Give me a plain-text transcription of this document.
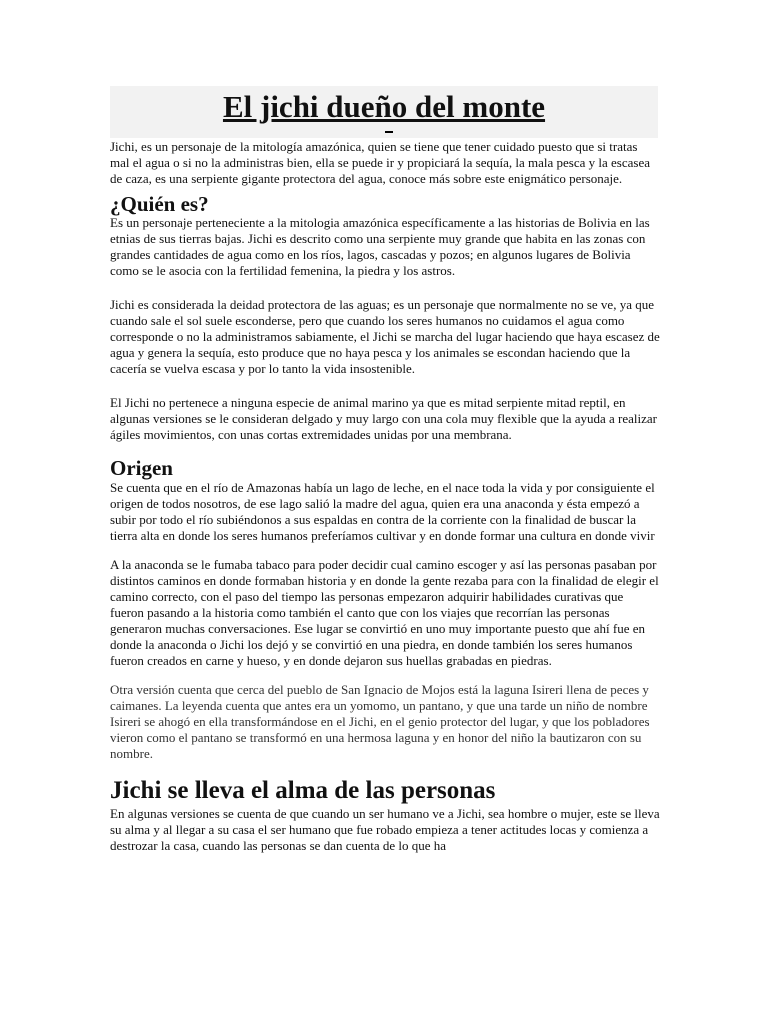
El jichi dueño del monte

Jichi, es un personaje de la mitología amazónica, quien se tiene que tener cuidado puesto que si tratas mal el agua o si no la administras bien, ella se puede ir y propiciará la sequía, la mala pesca y la escasea de caza, es una serpiente gigante protectora del agua, conoce más sobre este enigmático personaje.

¿Quién es?

Es un personaje perteneciente a la mitologia amazónica específicamente a las historias de Bolivia en las etnias de sus tierras bajas. Jichi es descrito como una serpiente muy grande que habita en las zonas con grandes cantidades de agua como en los ríos, lagos, cascadas y pozos; en algunos lugares de Bolivia como se le asocia con la fertilidad femenina, la piedra y los astros.

Jichi es considerada la deidad protectora de las aguas; es un personaje que normalmente no se ve, ya que cuando sale el sol suele esconderse, pero que cuando los seres humanos no cuidamos el agua como corresponde o no la administramos sabiamente, el Jichi se marcha del lugar haciendo que haya escasez de agua y genera la sequía, esto produce que no haya pesca y los animales se escondan haciendo que la cacería se vuelva escasa y por lo tanto la vida insostenible.

El Jichi no pertenece a ninguna especie de animal marino ya que es mitad serpiente mitad reptil, en algunas versiones se le consideran delgado y muy largo con una cola muy flexible que la ayuda a realizar ágiles movimientos, con unas cortas extremidades unidas por una membrana.

Origen

Se cuenta que en el río de Amazonas había un lago de leche, en el nace toda la vida y por consiguiente el origen de todos nosotros, de ese lago salió la madre del agua, quien era una anaconda y ésta empezó a subir por todo el río subiéndonos a sus espaldas en contra de la corriente con la finalidad de buscar la tierra alta en donde los seres humanos preferíamos cultivar y en donde formar una cultura en donde vivir

A la anaconda se le fumaba tabaco para poder decidir cual camino escoger y así las personas pasaban por distintos caminos en donde formaban historia y en donde la gente rezaba para con la finalidad de elegir el camino correcto, con el paso del tiempo las personas empezaron adquirir habilidades curativas que fueron pasando a la historia como también el canto que con los viajes que recorrían las personas generaron muchas conversaciones. Ese lugar se convirtió en uno muy importante puesto que ahí fue en donde la anaconda o Jichi los dejó y se convirtió en una piedra, en donde también los seres humanos fueron creados en carne y hueso, y en donde dejaron sus huellas grabadas en piedras.

Otra versión cuenta que cerca del pueblo de San Ignacio de Mojos está la laguna Isireri llena de peces y caimanes. La leyenda cuenta que antes era un yomomo, un pantano, y que una tarde un niño de nombre Isireri se ahogó en ella transformándose en el Jichi, en el genio protector del lugar, y que los pobladores vieron como el pantano se transformó en una hermosa laguna y en honor del niño la bautizaron con su nombre.

Jichi se lleva el alma de las personas

En algunas versiones se cuenta de que cuando un ser humano ve a Jichi, sea hombre o mujer, este se lleva su alma y al llegar a su casa el ser humano que fue robado empieza a tener actitudes locas y comienza a destrozar la casa, cuando las personas se dan cuenta de lo que ha
